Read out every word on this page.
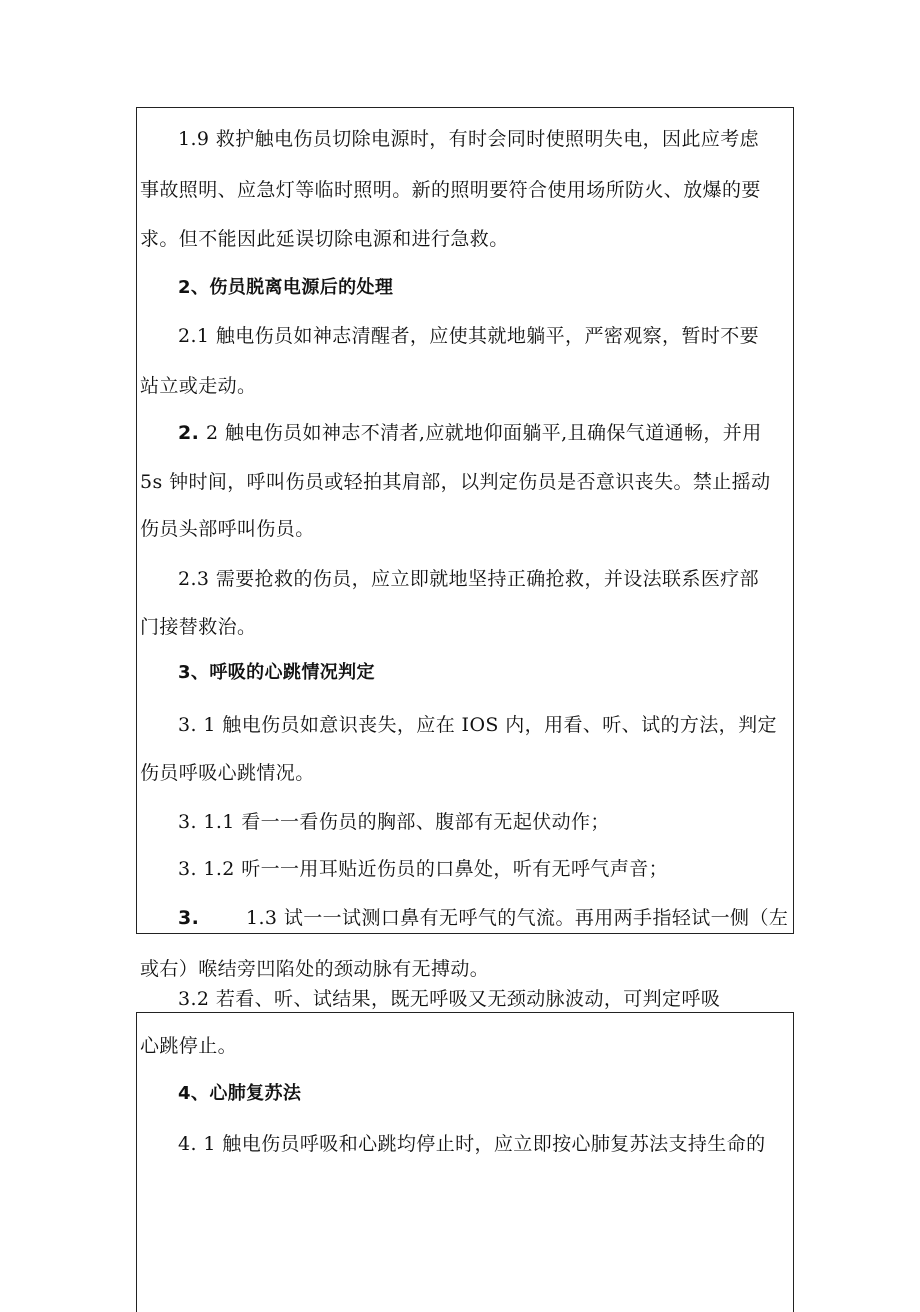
1.9 救护触电伤员切除电源时，有时会同时使照明失电，因此应考虑

事故照明、应急灯等临时照明。新的照明要符合使用场所防火、放爆的要

求。但不能因此延误切除电源和进行急救。

2、伤员脱离电源后的处理

2.1 触电伤员如神志清醒者，应使其就地躺平，严密观察，暂时不要

站立或走动。

2. 2 触电伤员如神志不清者,应就地仰面躺平,且确保气道通畅，并用

5s 钟时间，呼叫伤员或轻拍其肩部，以判定伤员是否意识丧失。禁止摇动

伤员头部呼叫伤员。

2.3 需要抢救的伤员，应立即就地坚持正确抢救，并设法联系医疗部

门接替救治。

3、呼吸的心跳情况判定

3. 1 触电伤员如意识丧失，应在 IOS 内，用看、听、试的方法，判定

伤员呼吸心跳情况。

3. 1.1 看一一看伤员的胸部、腹部有无起伏动作；

3. 1.2 听一一用耳贴近伤员的口鼻处，听有无呼气声音；

3. 1.3 试一一试测口鼻有无呼气的气流。再用两手指轻试一侧（左

或右）喉结旁凹陷处的颈动脉有无搏动。

3.2 若看、听、试结果，既无呼吸又无颈动脉波动，可判定呼吸

心跳停止。

4、心肺复苏法

4. 1 触电伤员呼吸和心跳均停止时，应立即按心肺复苏法支持生命的
